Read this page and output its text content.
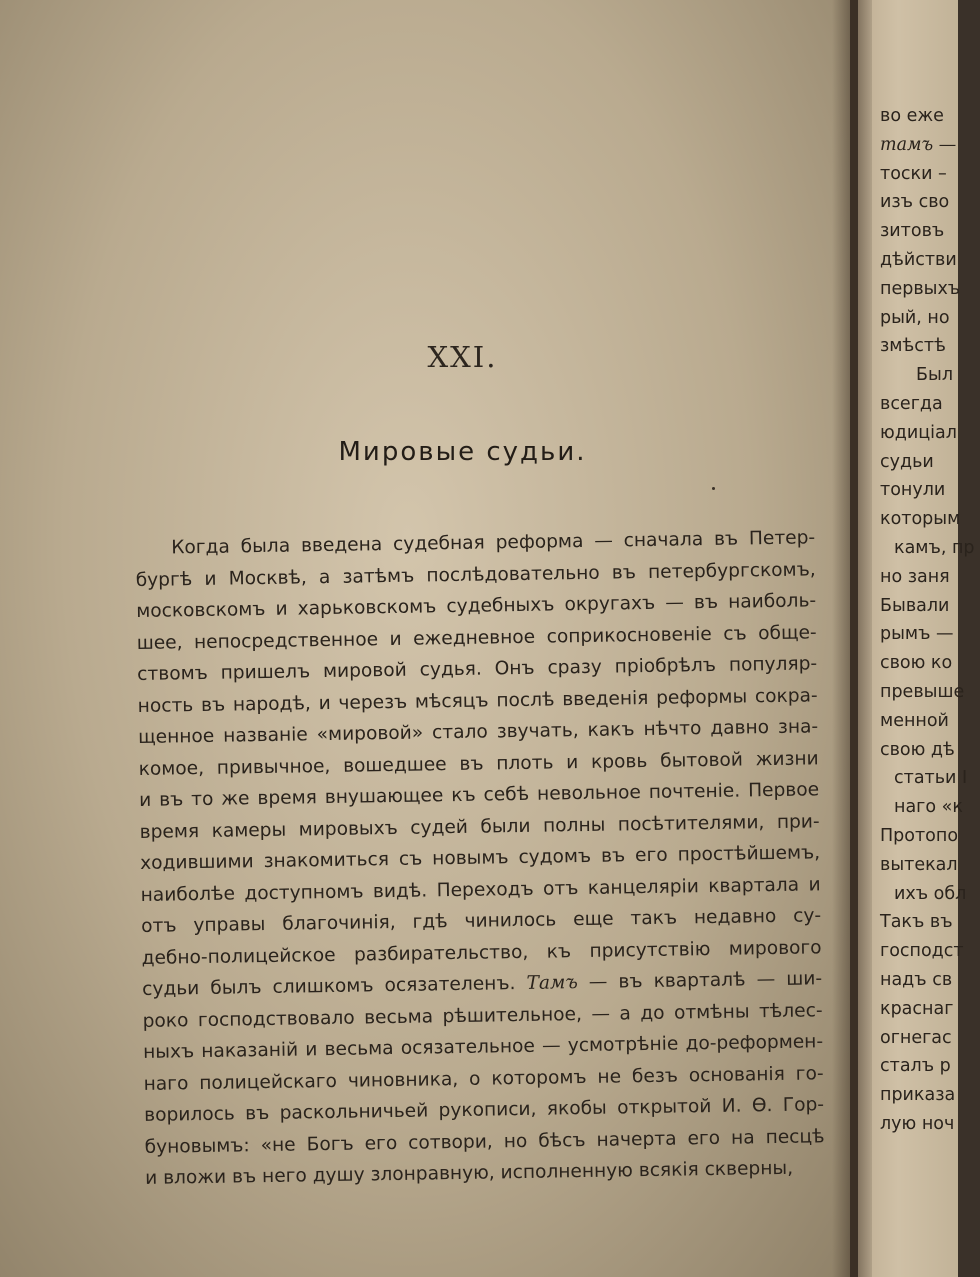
XXI.
Мировые судьи.
Когда была введена судебная реформа — сначала въ Петер-
бургѣ и Москвѣ, а затѣмъ послѣдовательно въ петербургскомъ,
московскомъ и харьковскомъ судебныхъ округахъ — въ наиболь-
шее, непосредственное и ежедневное соприкосновеніе съ обще-
ствомъ пришелъ мировой судья. Онъ сразу пріобрѣлъ популяр-
ность въ народѣ, и черезъ мѣсяцъ послѣ введенія реформы сокра-
щенное названіе «мировой» стало звучать, какъ нѣчто давно зна-
комое, привычное, вошедшее въ плоть и кровь бытовой жизни
и въ то же время внушающее къ себѣ невольное почтеніе. Первое
время камеры мировыхъ судей были полны посѣтителями, при-
ходившими знакомиться съ новымъ судомъ въ его простѣйшемъ,
наиболѣе доступномъ видѣ. Переходъ отъ канцеляріи квартала и
отъ управы благочинія, гдѣ чинилось еще такъ недавно су-
дебно-полицейское разбирательство, къ присутствію мирового
судьи былъ слишкомъ осязателенъ. Тамъ — въ кварталѣ — ши-
роко господствовало весьма рѣшительное, — а до отмѣны тѣлес-
ныхъ наказаній и весьма осязательное — усмотрѣніе до-реформен-
наго полицейскаго чиновника, о которомъ не безъ основанія го-
ворилось въ раскольничьей рукописи, якобы открытой И. Ѳ. Гор-
буновымъ: «не Богъ его сотвори, но бѣсъ начерта его на песцѣ
и вложи въ него душу злонравную, исполненную всякія скверны,
во еже
тамъ —
тоски –
изъ сво
зитовъ
дѣйстви
первыхъ
рый, но
змѣстѣ
Был
всегда
юдиціал
судьи
тонули
которым
камъ, пр
но заня
Бывали
рымъ —
свою ко
превыше
менной
свою дѣ
статьи I
наго «к
Протопо
вытекал
ихъ обл
Такъ въ
господст
надъ св
краснаг
огнегас
сталъ р
приказа
лую ноч
